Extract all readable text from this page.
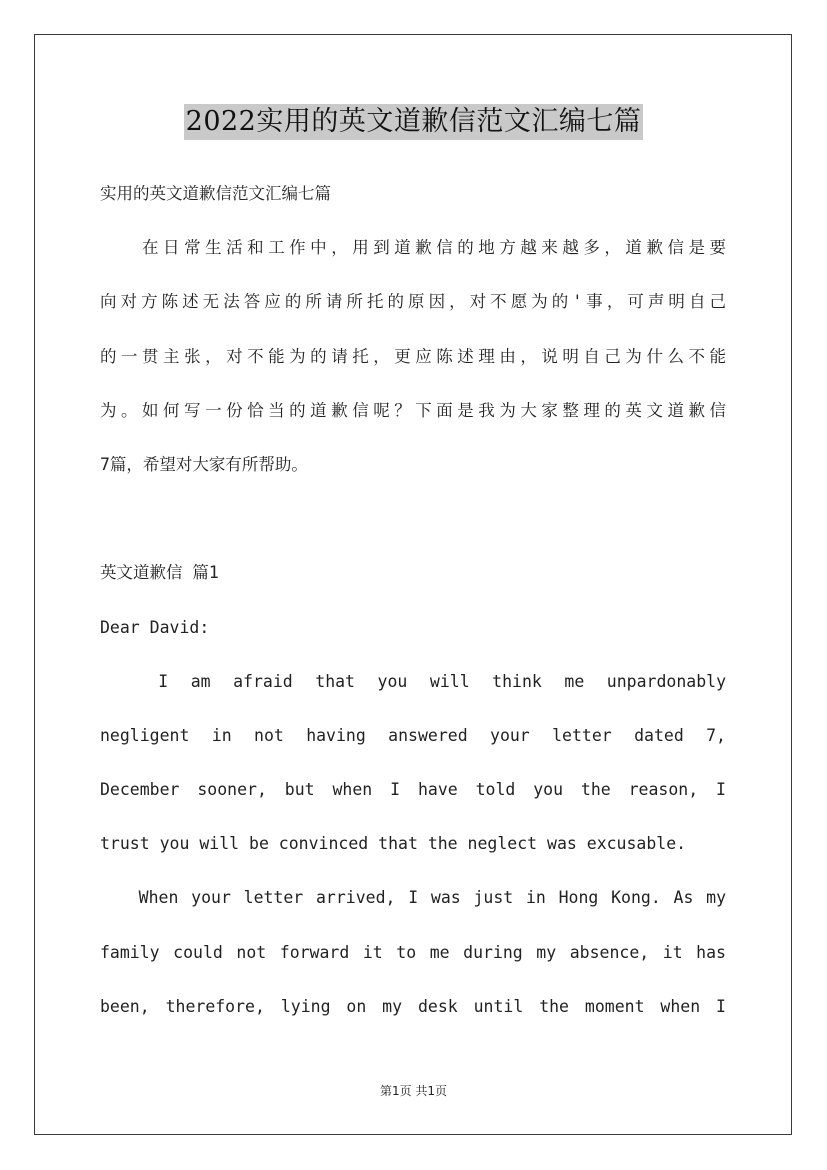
2022实用的英文道歉信范文汇编七篇
实用的英文道歉信范文汇编七篇
　　在日常生活和工作中，用到道歉信的地方越来越多，道歉信是要
向对方陈述无法答应的所请所托的原因，对不愿为的'事，可声明自己
的一贯主张，对不能为的请托，更应陈述理由，说明自己为什么不能
为。如何写一份恰当的道歉信呢？下面是我为大家整理的英文道歉信
7篇，希望对大家有所帮助。
英文道歉信 篇1
Dear David:
　　I am afraid that you will think me unpardonably
negligent in not having answered your letter dated 7,
December sooner, but when I have told you the reason, I
trust you will be convinced that the neglect was excusable.
　　When your letter arrived, I was just in Hong Kong. As my
family could not forward it to me during my absence, it has
been, therefore, lying on my desk until the moment when I
第1页 共1页
